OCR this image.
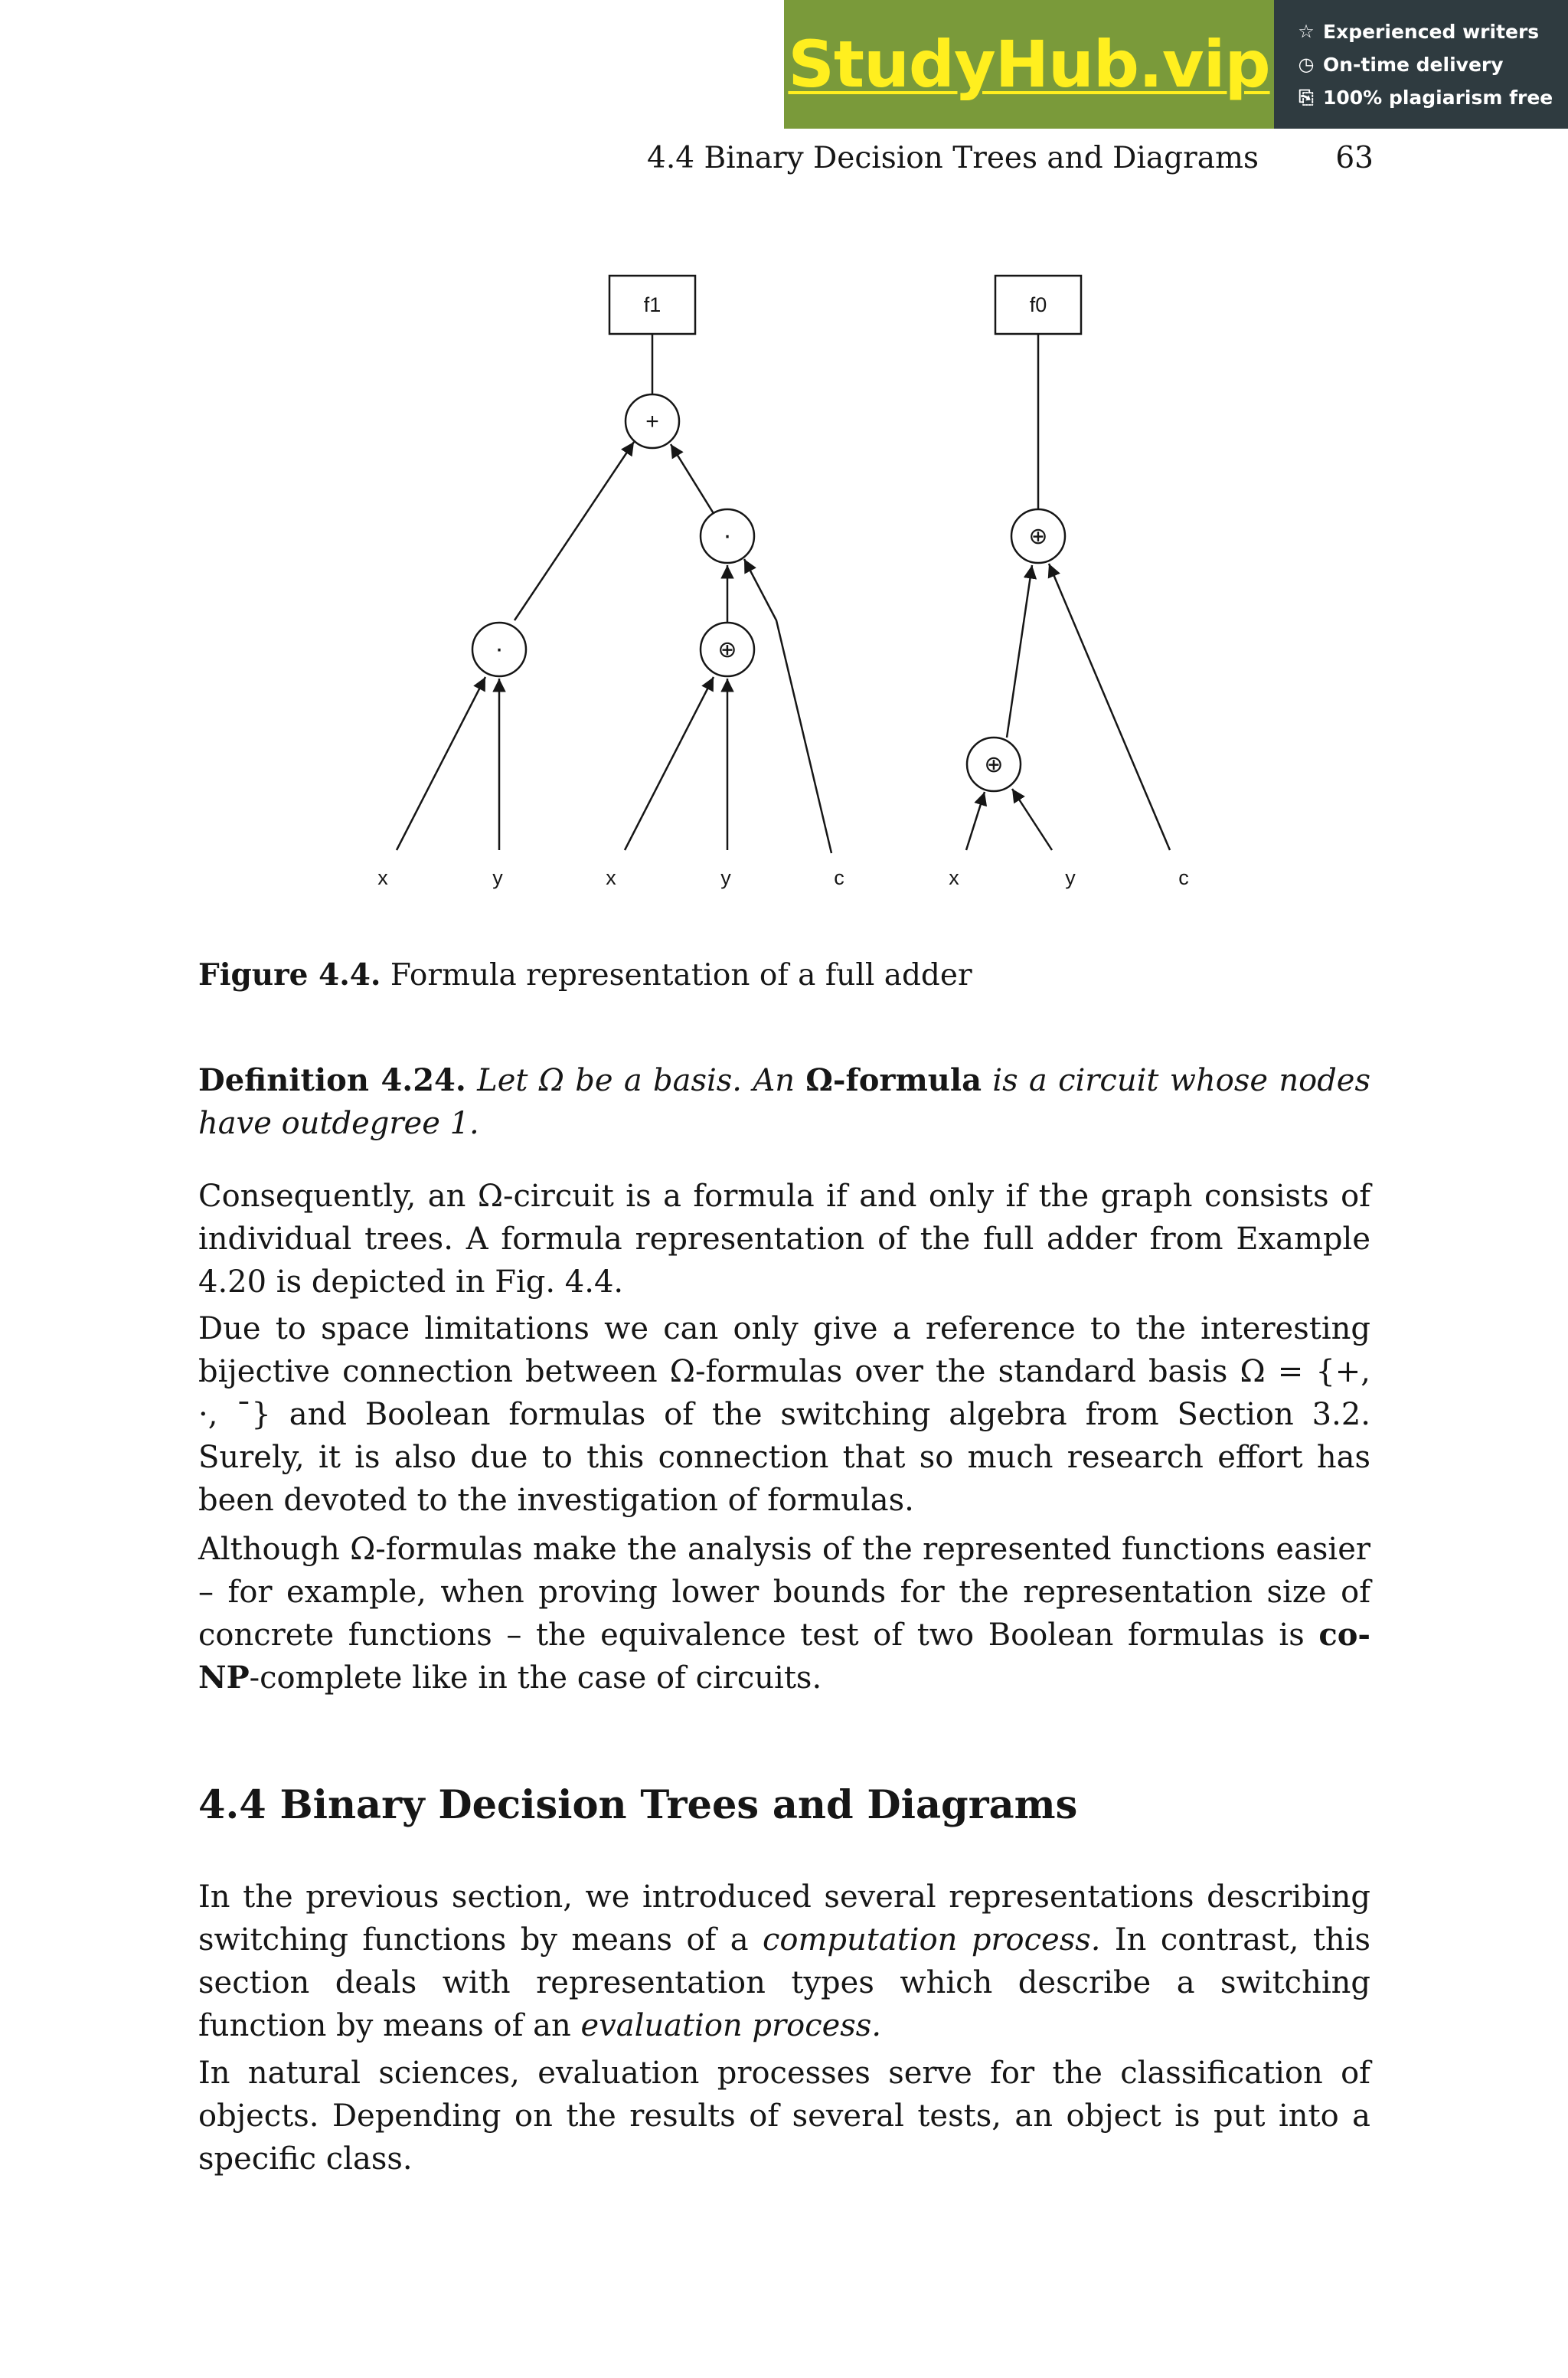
StudyHub.vip ☆ Experienced writers
◷ On-time delivery
⎘ 100% plagiarism free
4.4 Binary Decision Trees and Diagrams	63
f1	f0
+
·
·	⊕
⊕
⊕
x	y	x	y	c	x	y	c
Figure 4.4. Formula representation of a full adder
Definition 4.24. Let Ω be a basis. An Ω-formula is a circuit whose nodes have outdegree 1.

Consequently, an Ω-circuit is a formula if and only if the graph consists of individual trees. A formula representation of the full adder from Example 4.20 is depicted in Fig. 4.4.

Due to space limitations we can only give a reference to the interesting bijective connection between Ω-formulas over the standard basis Ω = {+, ·, ¯} and Boolean formulas of the switching algebra from Section 3.2. Surely, it is also due to this connection that so much research effort has been devoted to the investigation of formulas.

Although Ω-formulas make the analysis of the represented functions easier – for example, when proving lower bounds for the representation size of concrete functions – the equivalence test of two Boolean formulas is co-NP-complete like in the case of circuits.

4.4 Binary Decision Trees and Diagrams

In the previous section, we introduced several representations describing switching functions by means of a computation process. In contrast, this section deals with representation types which describe a switching function by means of an evaluation process.

In natural sciences, evaluation processes serve for the classification of objects. Depending on the results of several tests, an object is put into a specific class.
